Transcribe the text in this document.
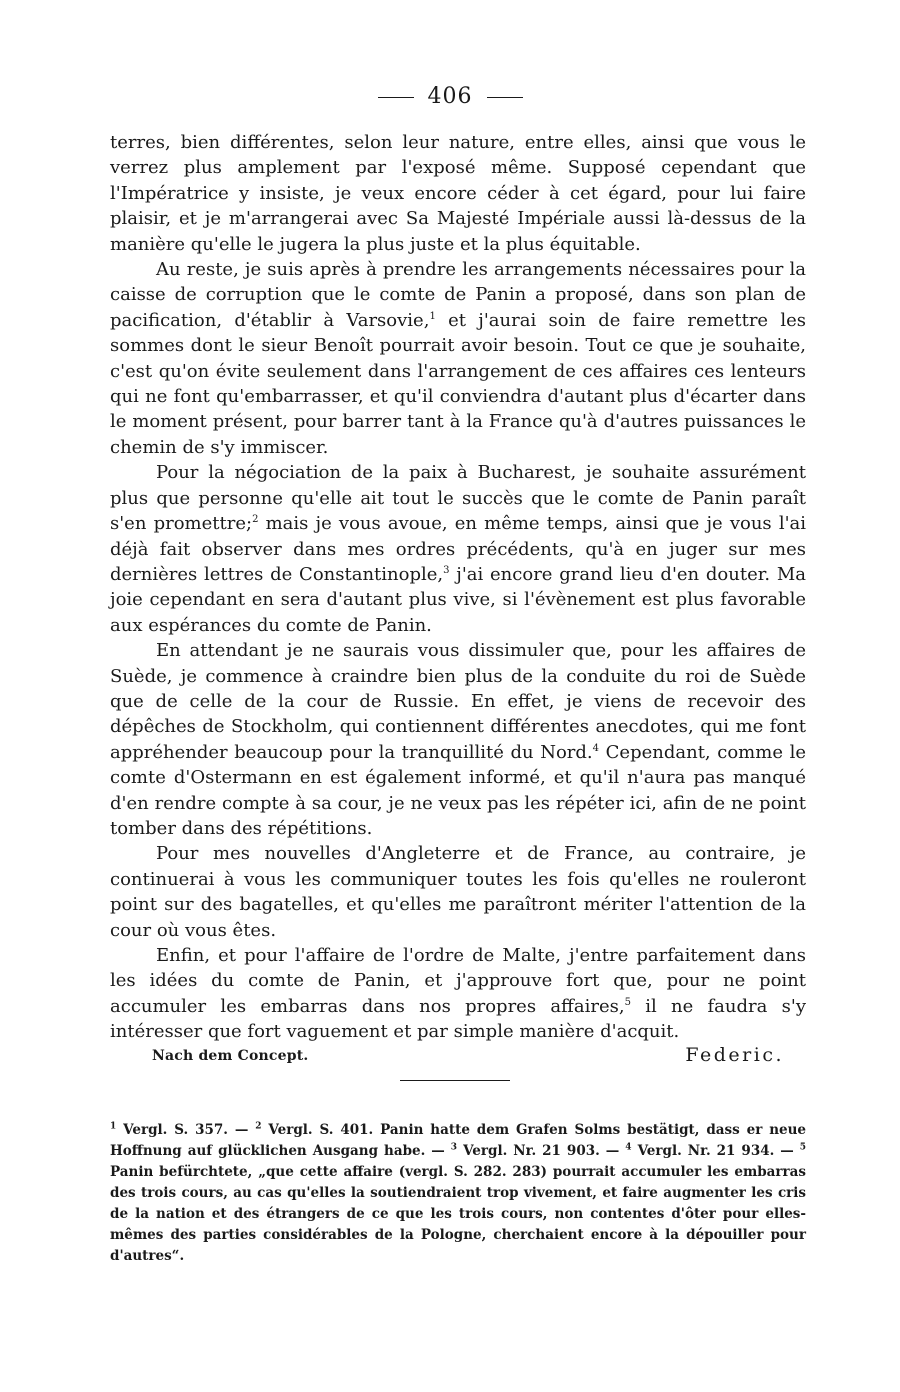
406

terres, bien différentes, selon leur nature, entre elles, ainsi que vous le verrez plus amplement par l'exposé même. Supposé cependant que l'Impératrice y insiste, je veux encore céder à cet égard, pour lui faire plaisir, et je m'arrangerai avec Sa Majesté Impériale aussi là-dessus de la manière qu'elle le jugera la plus juste et la plus équitable.

Au reste, je suis après à prendre les arrangements nécessaires pour la caisse de corruption que le comte de Panin a proposé, dans son plan de pacification, d'établir à Varsovie,$^1$ et j'aurai soin de faire remettre les sommes dont le sieur Benoît pourrait avoir besoin. Tout ce que je souhaite, c'est qu'on évite seulement dans l'arrangement de ces affaires ces lenteurs qui ne font qu'embarrasser, et qu'il conviendra d'autant plus d'écarter dans le moment présent, pour barrer tant à la France qu'à d'autres puissances le chemin de s'y immiscer.

Pour la négociation de la paix à Bucharest, je souhaite assurément plus que personne qu'elle ait tout le succès que le comte de Panin paraît s'en promettre;$^2$ mais je vous avoue, en même temps, ainsi que je vous l'ai déjà fait observer dans mes ordres précédents, qu'à en juger sur mes dernières lettres de Constantinople,$^3$ j'ai encore grand lieu d'en douter. Ma joie cependant en sera d'autant plus vive, si l'évènement est plus favorable aux espérances du comte de Panin.

En attendant je ne saurais vous dissimuler que, pour les affaires de Suède, je commence à craindre bien plus de la conduite du roi de Suède que de celle de la cour de Russie. En effet, je viens de recevoir des dépêches de Stockholm, qui contiennent différentes anecdotes, qui me font appréhender beaucoup pour la tranquillité du Nord.$^4$ Cependant, comme le comte d'Ostermann en est également informé, et qu'il n'aura pas manqué d'en rendre compte à sa cour, je ne veux pas les répéter ici, afin de ne point tomber dans des répétitions.

Pour mes nouvelles d'Angleterre et de France, au contraire, je continuerai à vous les communiquer toutes les fois qu'elles ne rouleront point sur des bagatelles, et qu'elles me paraîtront mériter l'attention de la cour où vous êtes.

Enfin, et pour l'affaire de l'ordre de Malte, j'entre parfaitement dans les idées du comte de Panin, et j'approuve fort que, pour ne point accumuler les embarras dans nos propres affaires,$^5$ il ne faudra s'y intéresser que fort vaguement et par simple manière d'acquit.

Nach dem Concept.	Federic.

$^1$ Vergl. S. 357. — $^2$ Vergl. S. 401. Panin hatte dem Grafen Solms bestätigt, dass er neue Hoffnung auf glücklichen Ausgang habe. — $^3$ Vergl. Nr. 21 903. — $^4$ Vergl. Nr. 21 934. — $^5$ Panin befürchtete, „que cette affaire (vergl. S. 282. 283) pourrait accumuler les embarras des trois cours, au cas qu'elles la soutiendraient trop vivement, et faire augmenter les cris de la nation et des étrangers de ce que les trois cours, non contentes d'ôter pour elles-mêmes des parties considérables de la Pologne, cherchaient encore à la dépouiller pour d'autres“.
